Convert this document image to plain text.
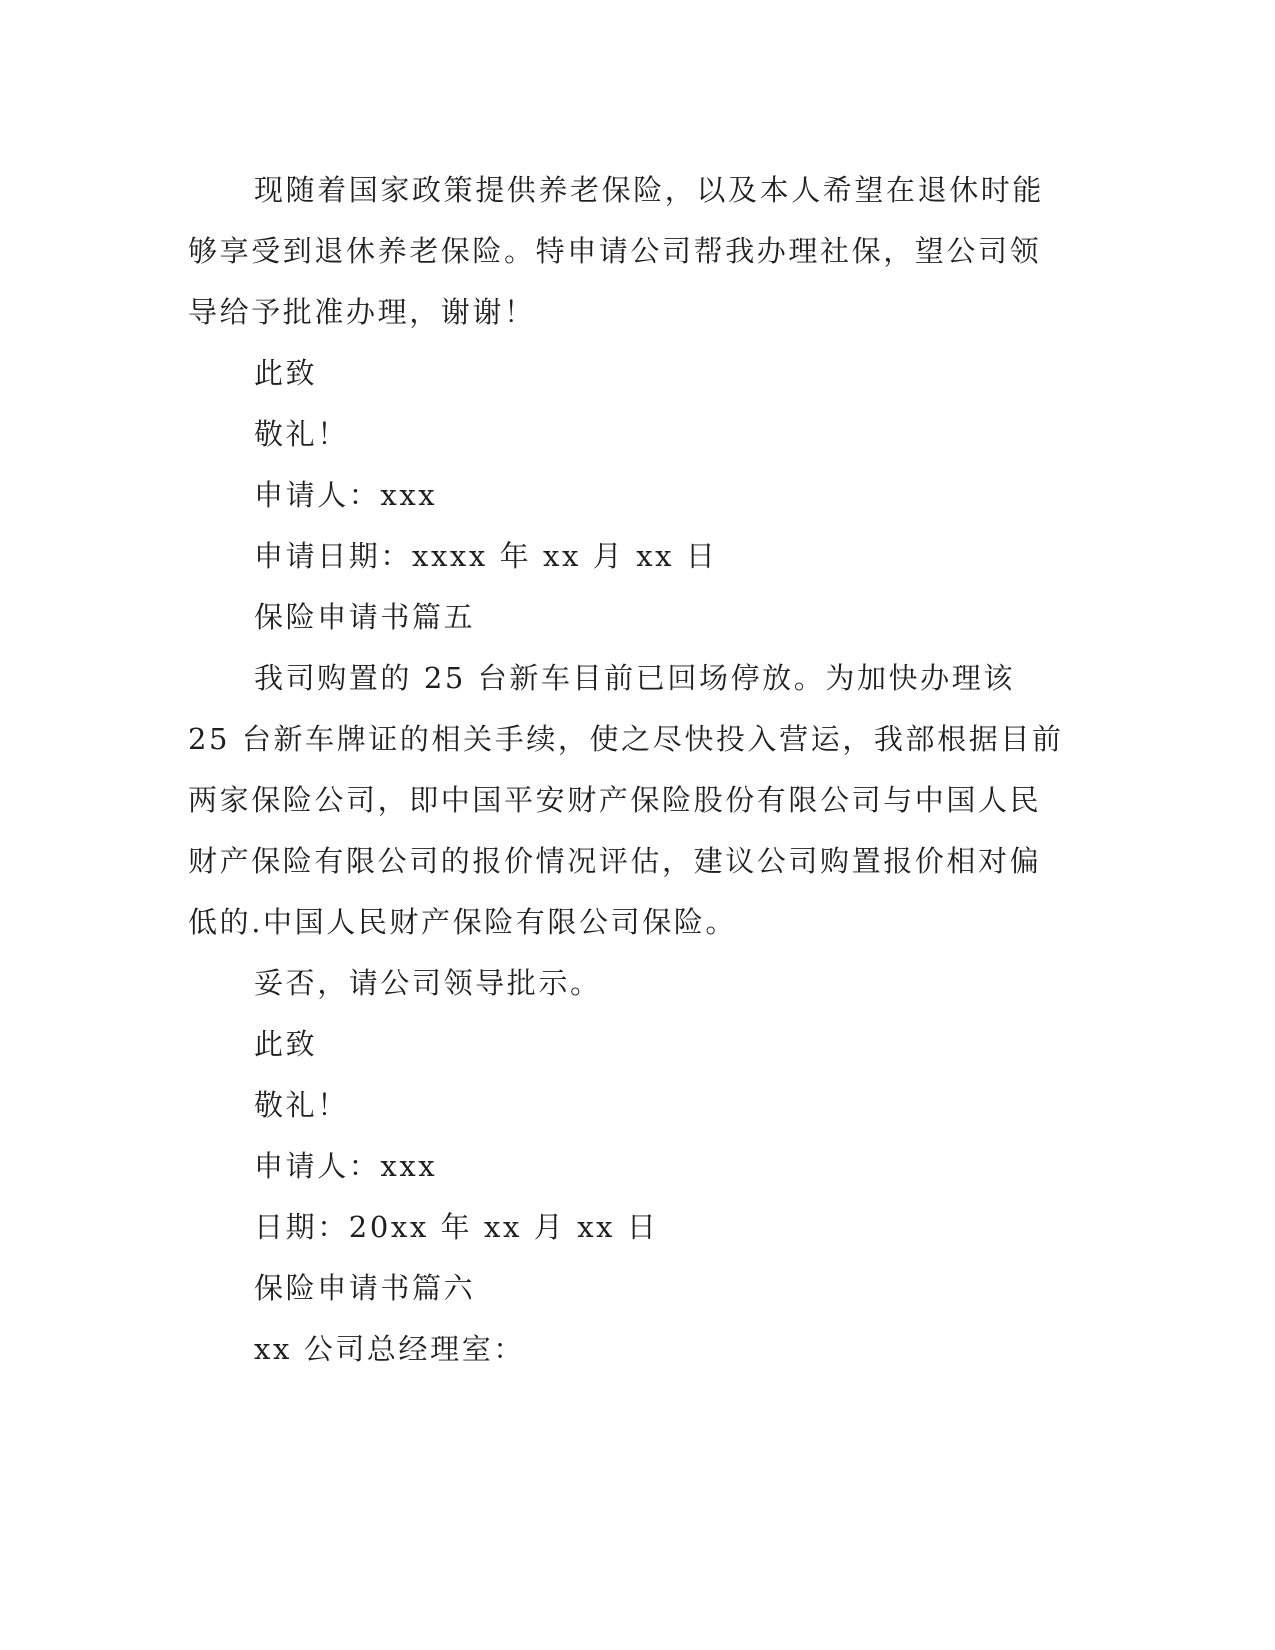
现随着国家政策提供养老保险，以及本人希望在退休时能够享受到退休养老保险。特申请公司帮我办理社保，望公司领导给予批准办理，谢谢！

此致

敬礼！

申请人：xxx

申请日期：xxxx 年 xx 月 xx 日

保险申请书篇五

我司购置的 25 台新车目前已回场停放。为加快办理该 25 台新车牌证的相关手续，使之尽快投入营运，我部根据目前两家保险公司，即中国平安财产保险股份有限公司与中国人民财产保险有限公司的报价情况评估，建议公司购置报价相对偏低的.中国人民财产保险有限公司保险。

妥否，请公司领导批示。

此致

敬礼！

申请人：xxx

日期：20xx 年 xx 月 xx 日

保险申请书篇六

xx 公司总经理室：
